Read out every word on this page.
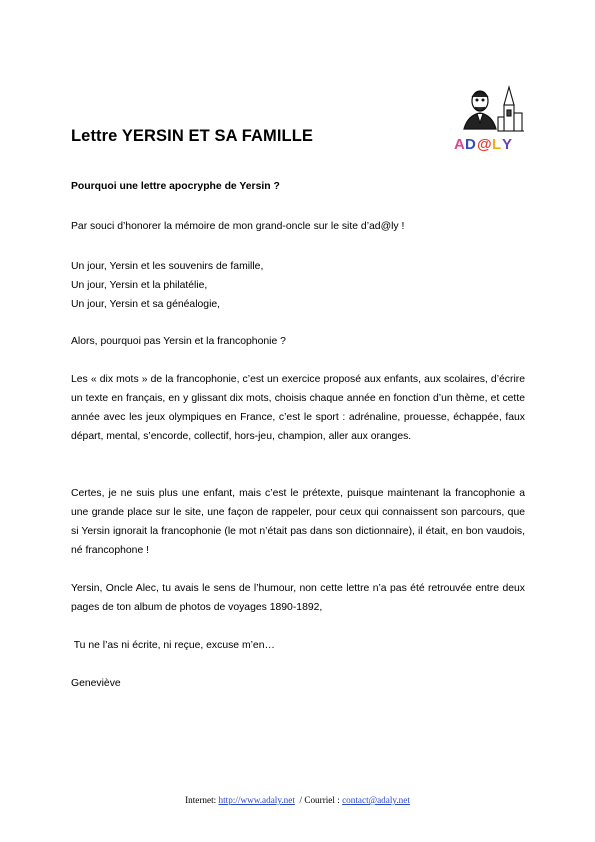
A D @ L Y
Lettre YERSIN ET SA FAMILLE
Pourquoi une lettre apocryphe de Yersin ?
Par souci d’honorer la mémoire de mon grand-oncle sur le site d’ad@ly !
Un jour, Yersin et les souvenirs de famille,
Un jour, Yersin et la philatélie,
Un jour, Yersin et sa généalogie,
Alors, pourquoi pas Yersin et la francophonie ?

Les « dix mots » de la francophonie, c’est un exercice proposé aux enfants, aux scolaires, d’écrire un texte en français, en y glissant dix mots, choisis chaque année en fonction d’un thème, et cette année avec les jeux olympiques en France, c’est le sport : adrénaline, prouesse, échappée, faux départ, mental, s’encorde, collectif, hors-jeu, champion, aller aux oranges.

Certes, je ne suis plus une enfant, mais c’est le prétexte, puisque maintenant la francophonie a une grande place sur le site, une façon de rappeler, pour ceux qui connaissent son parcours, que si Yersin ignorait la francophonie (le mot n’était pas dans son dictionnaire), il était, en bon vaudois, né francophone !

Yersin, Oncle Alec, tu avais le sens de l’humour, non cette lettre n’a pas été retrouvée entre deux pages de ton album de photos de voyages 1890-1892,

Tu ne l’as ni écrite, ni reçue, excuse m’en…
Geneviève
Internet: http://www.adaly.net  / Courriel : contact@adaly.net
